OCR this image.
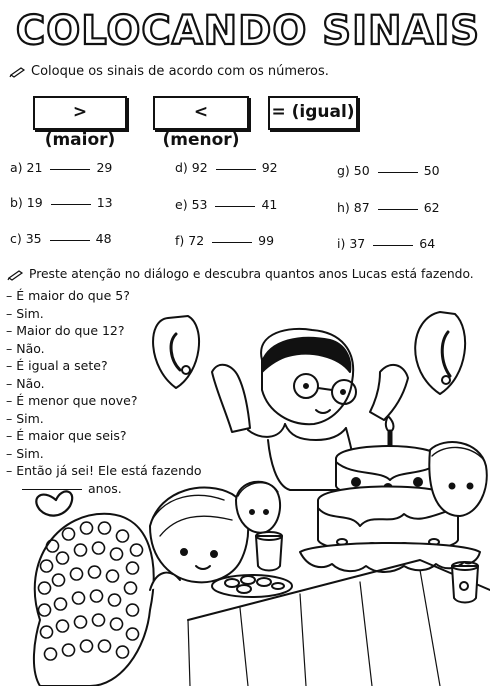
COLOCANDO SINAIS
Coloque os sinais de acordo com os números.
> (maior)
< (menor)
= (igual)
a) 21	29	d) 92	92	g) 50	50
b) 19	13	e) 53	41	h) 87	62
c) 35	48	f) 72	99	i) 37	64
Preste atenção no diálogo e descubra quantos anos Lucas está fazendo.
– É maior do que 5?
– Sim.
– Maior do que 12?
– Não.
– É igual a sete?
– Não.
– É menor que nove?
– Sim.
– É maior que seis?
– Sim.
– Então já sei! Ele está fazendo
anos.
